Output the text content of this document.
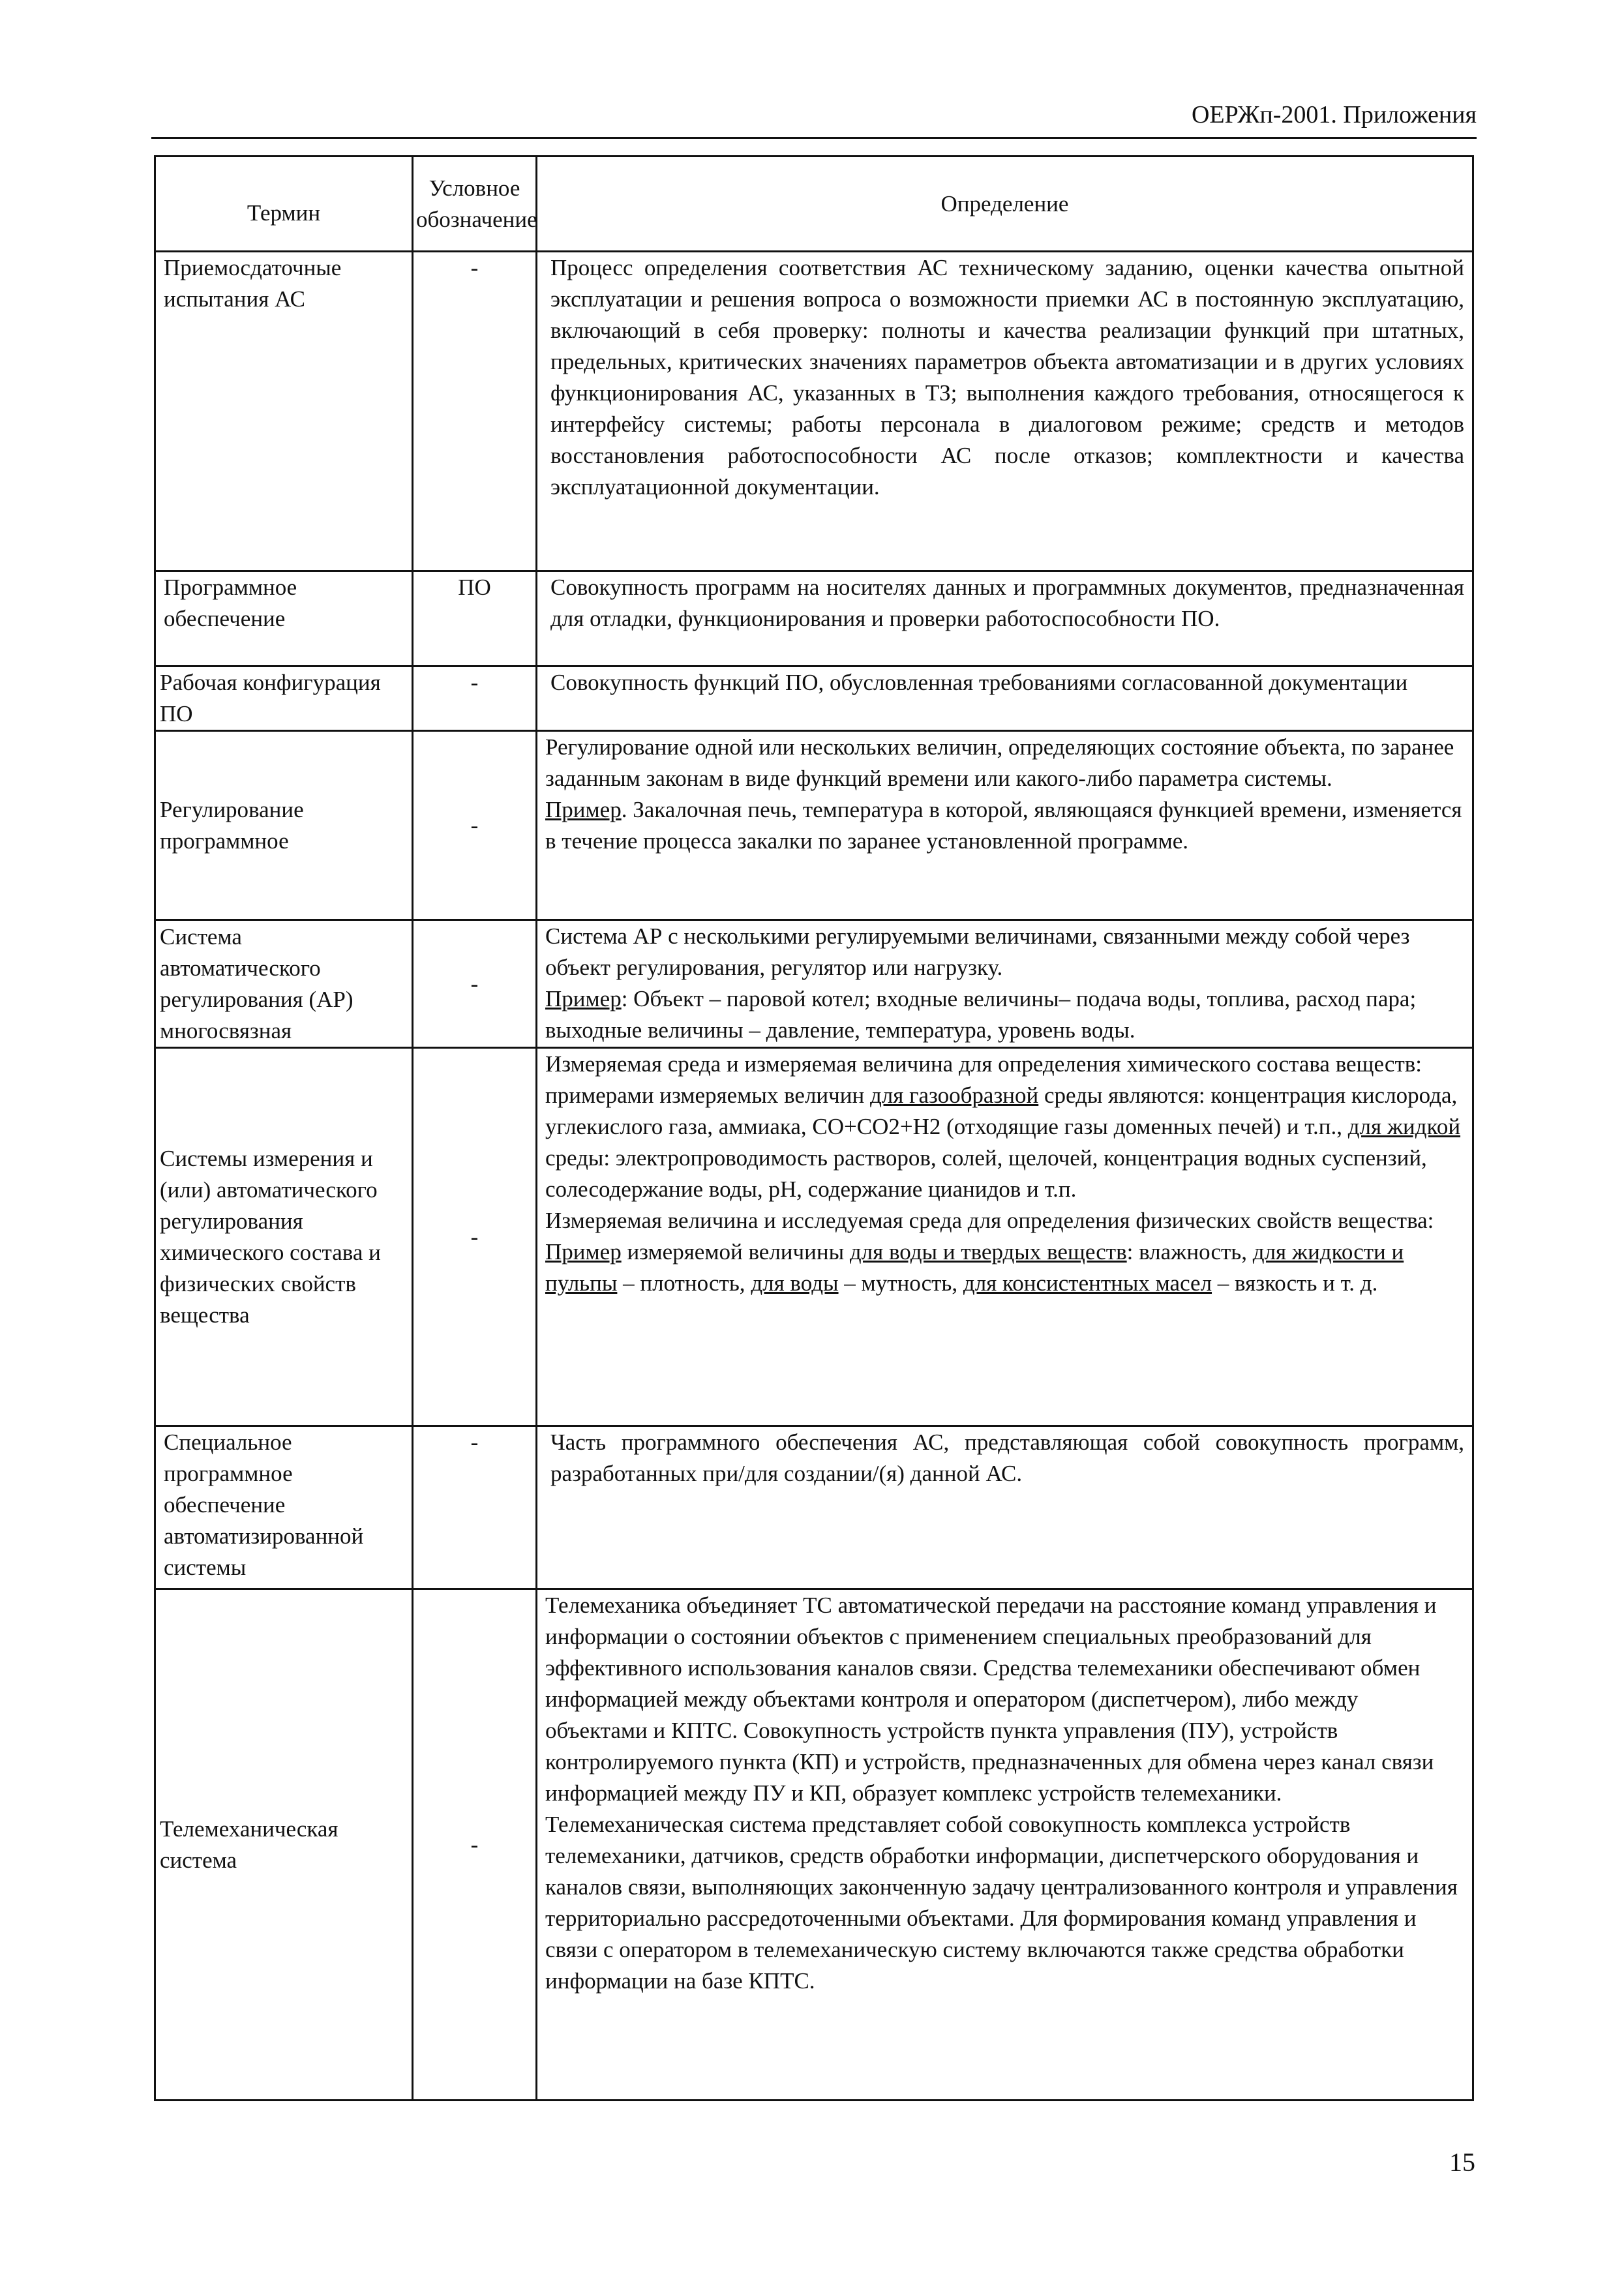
ОЕРЖп-2001. Приложения
Термин	Условное обозначение	Определение
Приемосдаточные испытания АС	-	Процесс определения соответствия АС техническому заданию, оценки качества опытной эксплуатации и решения вопроса о возможности приемки АС в постоянную эксплуатацию, включающий в себя проверку: полноты и качества реализации функций при штатных, предельных, критических значениях параметров объекта автоматизации и в других условиях функционирования АС, указанных в ТЗ; выполнения каждого требования, относящегося к интерфейсу системы; работы персонала в диалоговом режиме; средств и методов восстановления работоспособности АС после отказов; комплектности и качества эксплуатационной документации.
Программное обеспечение	ПО	Совокупность программ на носителях данных и программных документов, предназначенная для отладки, функционирования и проверки работоспособности ПО.
Рабочая конфигурация ПО	-	Совокупность функций ПО, обусловленная требованиями согласованной документации
Регулирование программное	-	Регулирование одной или нескольких величин, определяющих состояние объекта, по заранее заданным законам в виде функций времени или какого-либо параметра системы.
Пример. Закалочная печь, температура в которой, являющаяся функцией времени, изменяется в течение процесса закалки по заранее установленной программе.
Система автоматического регулирования (АР) многосвязная	-	Система АР с несколькими регулируемыми величинами, связанными между собой через объект регулирования, регулятор или нагрузку.
Пример: Объект – паровой котел; входные величины– подача воды, топлива, расход пара; выходные величины – давление, температура, уровень воды.
Системы измерения и (или) автоматического регулирования химического состава и физических свойств вещества	-	Измеряемая среда и измеряемая величина для определения химического состава веществ:
примерами измеряемых величин для газообразной среды являются: концентрация кислорода, углекислого газа, аммиака, СО+СО2+Н2 (отходящие газы доменных печей) и т.п., для жидкой среды: электропроводимость растворов, солей, щелочей, концентрация водных суспензий, солесодержание воды, pH, содержание цианидов и т.п.
Измеряемая величина и исследуемая среда для определения физических свойств вещества:
Пример измеряемой величины для воды и твердых веществ: влажность, для жидкости и пульпы – плотность, для воды – мутность, для консистентных масел – вязкость и т. д.
Специальное программное обеспечение автоматизированной системы	-	Часть программного обеспечения АС, представляющая собой совокупность программ, разработанных при/для создании/(я) данной АС.
Телемеханическая система	-	Телемеханика объединяет ТС автоматической передачи на расстояние команд управления и информации о состоянии объектов с применением специальных преобразований для эффективного использования каналов связи. Средства телемеханики обеспечивают обмен информацией между объектами контроля и оператором (диспетчером), либо между объектами и КПТС. Совокупность устройств пункта управления (ПУ), устройств контролируемого пункта (КП) и устройств, предназначенных для обмена через канал связи информацией между ПУ и КП, образует комплекс устройств телемеханики. Телемеханическая система представляет собой совокупность комплекса устройств телемеханики, датчиков, средств обработки информации, диспетчерского оборудования и каналов связи, выполняющих законченную задачу централизованного контроля и управления территориально рассредоточенными объектами. Для формирования команд управления и связи с оператором в телемеханическую систему включаются также средства обработки информации на базе КПТС.
15
